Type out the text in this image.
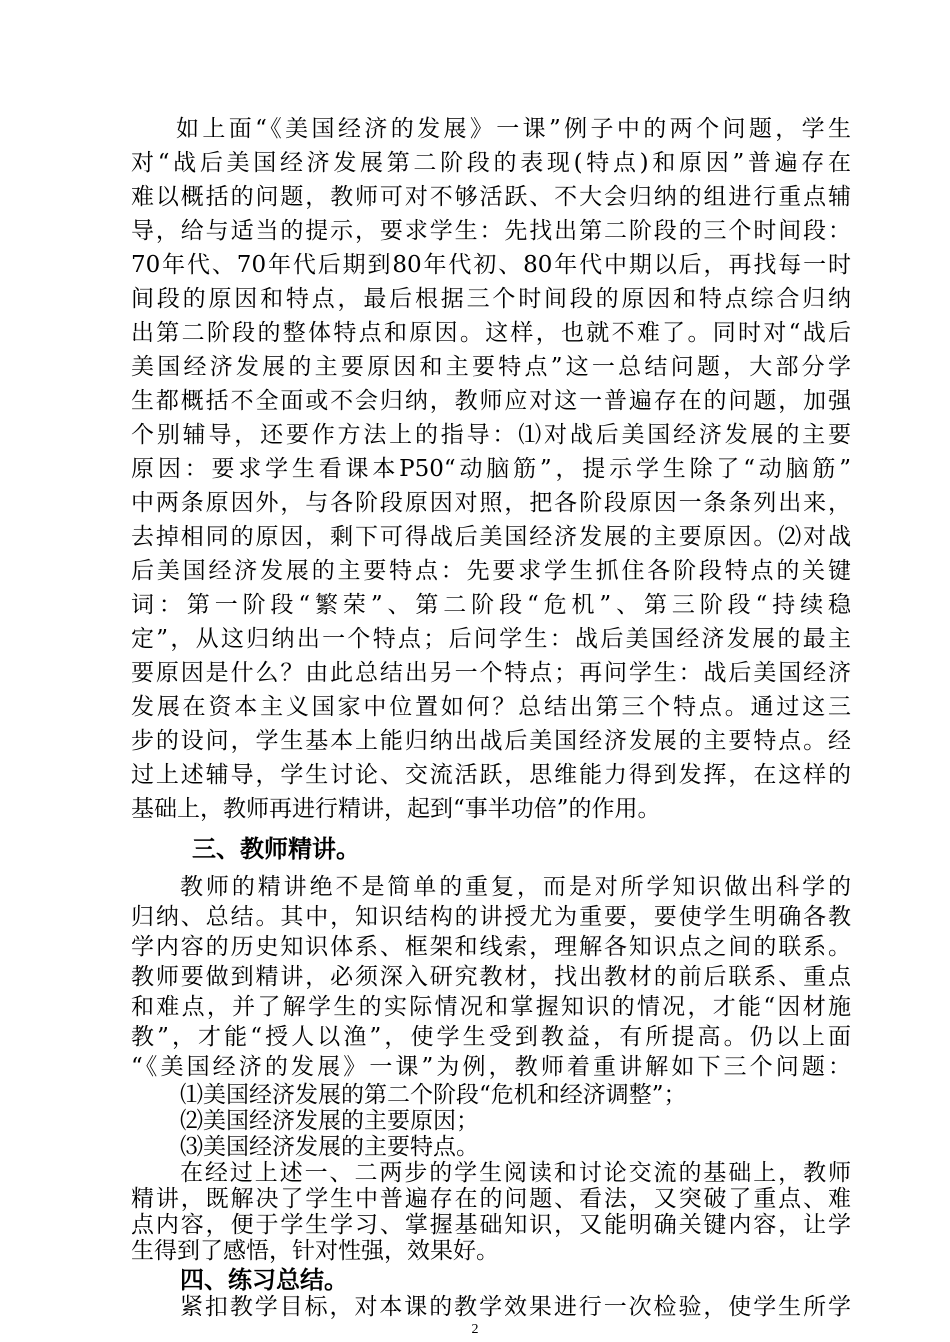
如上面“《美国经济的发展》一课”例子中的两个问题，学生
对“战后美国经济发展第二阶段的表现(特点)和原因”普遍存在
难以概括的问题，教师可对不够活跃、不大会归纳的组进行重点辅
导，给与适当的提示，要求学生：先找出第二阶段的三个时间段：
70年代、70年代后期到80年代初、80年代中期以后，再找每一时
间段的原因和特点，最后根据三个时间段的原因和特点综合归纳
出第二阶段的整体特点和原因。这样，也就不难了。同时对“战后
美国经济发展的主要原因和主要特点”这一总结问题，大部分学
生都概括不全面或不会归纳，教师应对这一普遍存在的问题，加强
个别辅导，还要作方法上的指导：⑴对战后美国经济发展的主要
原因：要求学生看课本P50“动脑筋”，提示学生除了“动脑筋”
中两条原因外，与各阶段原因对照，把各阶段原因一条条列出来，
去掉相同的原因，剩下可得战后美国经济发展的主要原因。⑵对战
后美国经济发展的主要特点：先要求学生抓住各阶段特点的关键
词：第一阶段“繁荣”、第二阶段“危机”、第三阶段“持续稳
定”，从这归纳出一个特点；后问学生：战后美国经济发展的最主
要原因是什么？由此总结出另一个特点；再问学生：战后美国经济
发展在资本主义国家中位置如何？总结出第三个特点。通过这三
步的设问，学生基本上能归纳出战后美国经济发展的主要特点。经
过上述辅导，学生讨论、交流活跃，思维能力得到发挥，在这样的
基础上，教师再进行精讲，起到“事半功倍”的作用。
三、教师精讲。
教师的精讲绝不是简单的重复，而是对所学知识做出科学的
归纳、总结。其中，知识结构的讲授尤为重要，要使学生明确各教
学内容的历史知识体系、框架和线索，理解各知识点之间的联系。
教师要做到精讲，必须深入研究教材，找出教材的前后联系、重点
和难点，并了解学生的实际情况和掌握知识的情况，才能“因材施
教”，才能“授人以渔”，使学生受到教益，有所提高。仍以上面
“《美国经济的发展》一课”为例，教师着重讲解如下三个问题：
⑴美国经济发展的第二个阶段“危机和经济调整”；
⑵美国经济发展的主要原因；
⑶美国经济发展的主要特点。
在经过上述一、二两步的学生阅读和讨论交流的基础上，教师
精讲，既解决了学生中普遍存在的问题、看法，又突破了重点、难
点内容，便于学生学习、掌握基础知识，又能明确关键内容，让学
生得到了感悟，针对性强，效果好。
四、练习总结。
紧扣教学目标，对本课的教学效果进行一次检验，使学生所学
2
